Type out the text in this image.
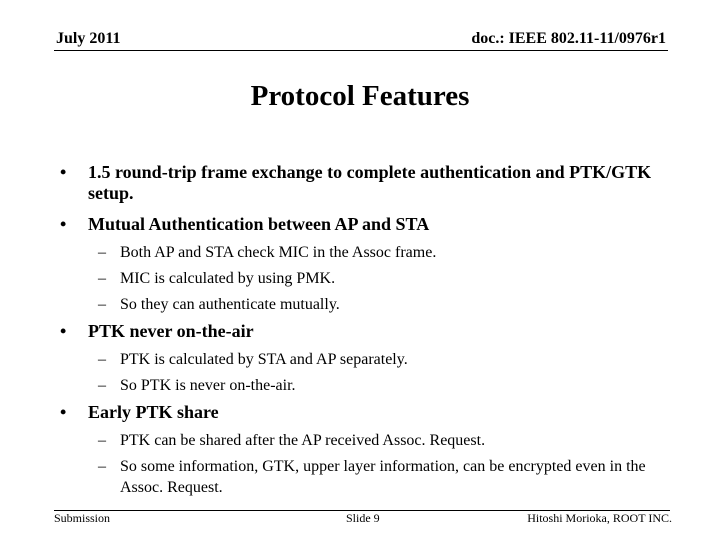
July 2011	doc.: IEEE 802.11-11/0976r1
Protocol Features
• 1.5 round-trip frame exchange to complete authentication and PTK/GTK setup.
• Mutual Authentication between AP and STA
– Both AP and STA check MIC in the Assoc frame.
– MIC is calculated by using PMK.
– So they can authenticate mutually.
• PTK never on-the-air
– PTK is calculated by STA and AP separately.
– So PTK is never on-the-air.
• Early PTK share
– PTK can be shared after the AP received Assoc. Request.
– So some information, GTK, upper layer information, can be encrypted even in the Assoc. Request.
Submission	Slide 9	Hitoshi Morioka, ROOT INC.
